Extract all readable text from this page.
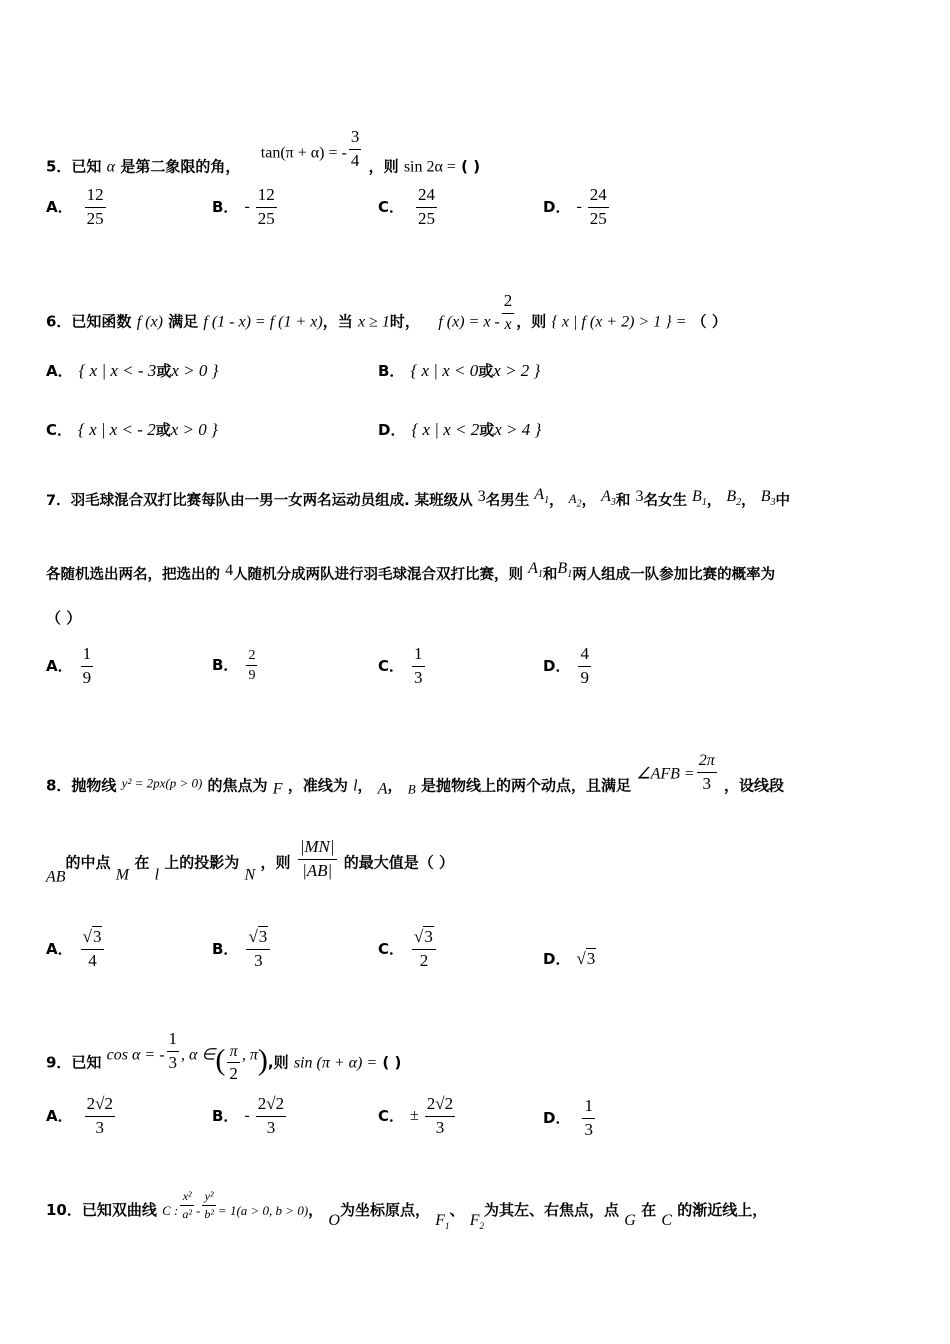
5．已知 α 是第二象限的角，  tan(π + α) = - $\frac{3}{4}$ ，则 sin 2α = ( )
A． $\frac{12}{25}$	B． - $\frac{12}{25}$	C． $\frac{24}{25}$	D． - $\frac{24}{25}$
6．已知函数 f (x) 满足 f (1 - x) = f (1 + x)，当 x ≥ 1时， f $(x) = x - \frac{2}{x}$ ，则 { x | f (x + 2) > 1 } = （ ）
A． { x | x < - 3或x > 0 }	B． { x | x < 0或x > 2 }
C． { x | x < - 2或x > 0 }	D． { x | x < 2或x > 4 }
7．羽毛球混合双打比赛每队由一男一女两名运动员组成. 某班级从 3名男生 $A_1$， $A_2$， $A_3$和 3名女生 $B_1$， $B_2$， $B_3$中
各随机选出两名，把选出的 4人随机分成两队进行羽毛球混合双打比赛，则 $A_1$和$B_1$两人组成一队参加比赛的概率为
（ ）
A． $\frac{1}{9}$	B． $\frac{2}{9}$	C． $\frac{1}{3}$	D． $\frac{4}{9}$
8．抛物线 y² = 2px(p > 0) 的焦点为 F ，准线为 l， A， B 是抛物线上的两个动点，且满足 ∠AFB = $\frac{2\pi}{3}$ ，设线段
AB的中点 M 在 l 上的投影为 N ，则 $\frac{|MN|}{|AB|}$ 的最大值是（ ）
A． $\frac{√3}{4}$	B． $\frac{√3}{3}$	C． $\frac{√3}{2}$	D． √3
9．已知 cos α = - $\frac{1}{3}$ , α ∈( $\frac{\pi}{2}$ , π),则 sin (π + α) = ( )
A． $\frac{2√2}{3}$	B． - $\frac{2√2}{3}$	C． ± $\frac{2√2}{3}$	D． $\frac{1}{3}$
10．已知双曲线 C : $\frac{\text{x²}}{\text{a²}} - \frac{\text{y²}}{\text{b²}} = 1(a > 0$, b > 0)， O为坐标原点， $F_1$、 $F_2$为其左、右焦点，点 G 在 C 的渐近线上，
